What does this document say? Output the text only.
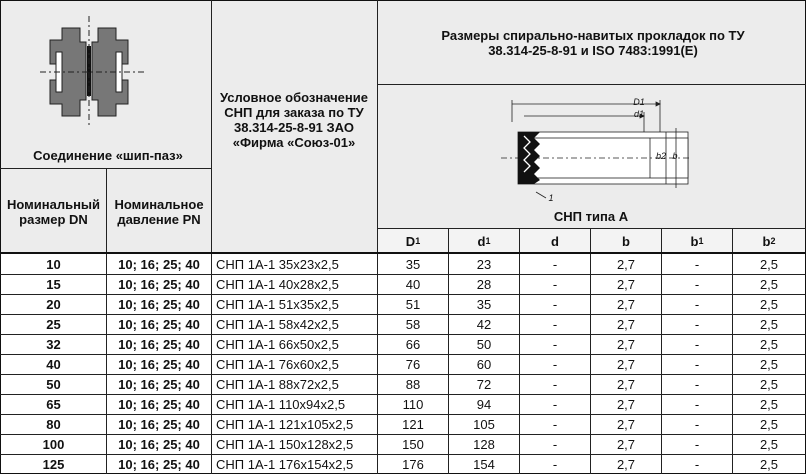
D1
d1
b2 b
1
Соединение «шип-паз»
Условное обозначение СНП для заказа по ТУ 38.314-25-8-91 ЗАО «Фирма «Союз-01»
Размеры спирально-навитых прокладок по ТУ 38.314-25-8-91 и ISO 7483:1991(E)
Номинальный размер DN
Номинальное давление PN	СНП типа А
D 1	d 1	d	b	b 1	b 2
10	10; 16; 25; 40	СНП 1А-1 35х23х2,5	35	23	-	2,7	-	2,5
15	10; 16; 25; 40	СНП 1А-1 40х28х2,5	40	28	-	2,7	-	2,5
20	10; 16; 25; 40	СНП 1А-1 51х35х2,5	51	35	-	2,7	-	2,5
25	10; 16; 25; 40	СНП 1А-1 58х42х2,5	58	42	-	2,7	-	2,5
32	10; 16; 25; 40	СНП 1А-1 66х50х2,5	66	50	-	2,7	-	2,5
40	10; 16; 25; 40	СНП 1А-1 76х60х2,5	76	60	-	2,7	-	2,5
50	10; 16; 25; 40	СНП 1А-1 88х72х2,5	88	72	-	2,7	-	2,5
65	10; 16; 25; 40	СНП 1А-1 110х94х2,5	110	94	-	2,7	-	2,5
80	10; 16; 25; 40	СНП 1А-1 121х105х2,5	121	105	-	2,7	-	2,5
100	10; 16; 25; 40	СНП 1А-1 150х128х2,5	150	128	-	2,7	-	2,5
125	10; 16; 25; 40	СНП 1А-1 176х154х2,5	176	154	-	2,7	-	2,5
